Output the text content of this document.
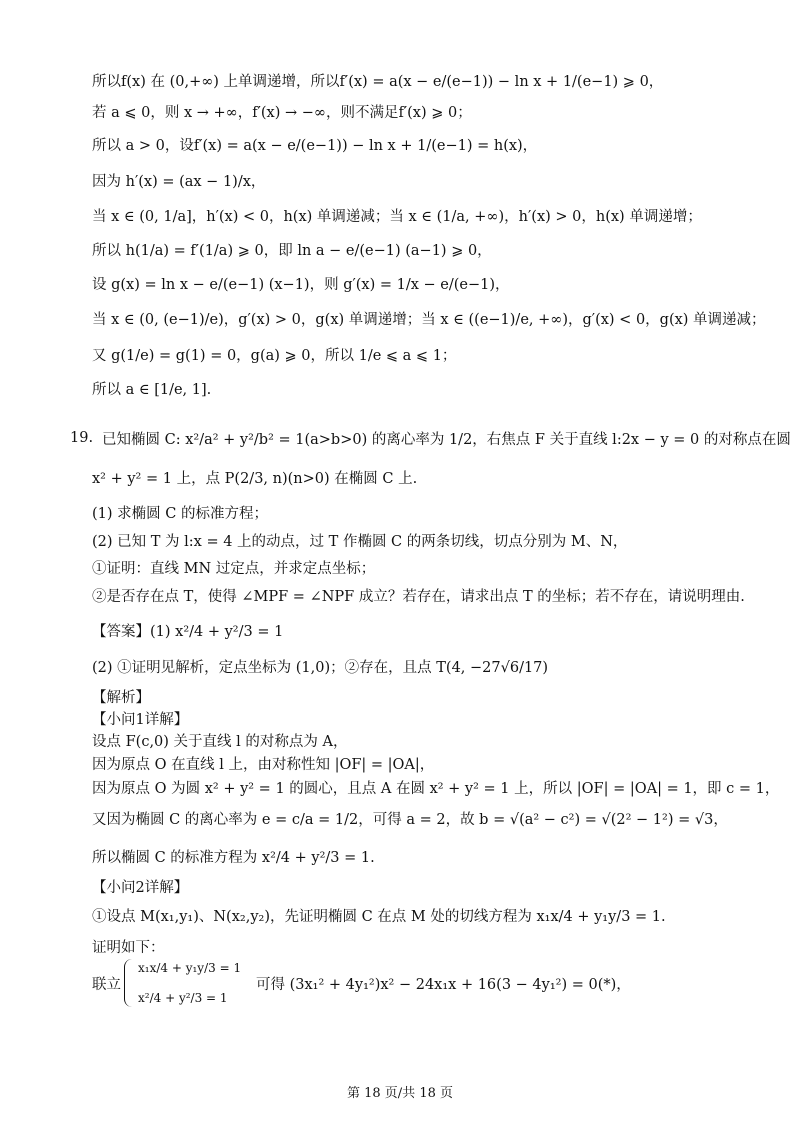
所以f(x) 在 (0,+∞) 上单调递增，所以f′(x) = a(x − e/(e−1)) − ln x + 1/(e−1) ⩾ 0，
若 a ⩽ 0，则 x → +∞，f′(x) → −∞，则不满足f′(x) ⩾ 0；
所以 a > 0，设f′(x) = a(x − e/(e−1)) − ln x + 1/(e−1) = h(x)，
因为 h′(x) = (ax − 1)/x，
当 x ∈ (0, 1/a]，h′(x) < 0，h(x) 单调递减；当 x ∈ (1/a, +∞)，h′(x) > 0，h(x) 单调递增；
所以 h(1/a) = f′(1/a) ⩾ 0，即 ln a − e/(e−1) (a−1) ⩾ 0，
设 g(x) = ln x − e/(e−1) (x−1)，则 g′(x) = 1/x − e/(e−1)，
当 x ∈ (0, (e−1)/e)，g′(x) > 0，g(x) 单调递增；当 x ∈ ((e−1)/e, +∞)，g′(x) < 0，g(x) 单调递减；
又 g(1/e) = g(1) = 0，g(a) ⩾ 0，所以 1/e ⩽ a ⩽ 1；
所以 a ∈ [1/e, 1].
19. 已知椭圆 C: x²/a² + y²/b² = 1(a>b>0) 的离心率为 1/2，右焦点 F 关于直线 l:2x − y = 0 的对称点在圆
x² + y² = 1 上，点 P(2/3, n)(n>0) 在椭圆 C 上.
(1) 求椭圆 C 的标准方程；
(2) 已知 T 为 l:x = 4 上的动点，过 T 作椭圆 C 的两条切线，切点分别为 M、N，
①证明：直线 MN 过定点，并求定点坐标；
②是否存在点 T，使得 ∠MPF = ∠NPF 成立？若存在，请求出点 T 的坐标；若不存在，请说明理由.
【答案】(1) x²/4 + y²/3 = 1
(2) ①证明见解析，定点坐标为 (1,0)；②存在，且点 T(4, −27√6/17)
【解析】
【小问1详解】
设点 F(c,0) 关于直线 l 的对称点为 A，
因为原点 O 在直线 l 上，由对称性知 |OF| = |OA|，
因为原点 O 为圆 x² + y² = 1 的圆心，且点 A 在圆 x² + y² = 1 上，所以 |OF| = |OA| = 1，即 c = 1，
又因为椭圆 C 的离心率为 e = c/a = 1/2，可得 a = 2，故 b = √(a² − c²) = √(2² − 1²) = √3，
所以椭圆 C 的标准方程为 x²/4 + y²/3 = 1.
【小问2详解】
①设点 M(x₁,y₁)、N(x₂,y₂)，先证明椭圆 C 在点 M 处的切线方程为 x₁x/4 + y₁y/3 = 1.
证明如下：
联立
x₁x/4 + y₁y/3 = 1
x²/4 + y²/3 = 1
可得 (3x₁² + 4y₁²)x² − 24x₁x + 16(3 − 4y₁²) = 0(*)，
第 18 页/共 18 页
